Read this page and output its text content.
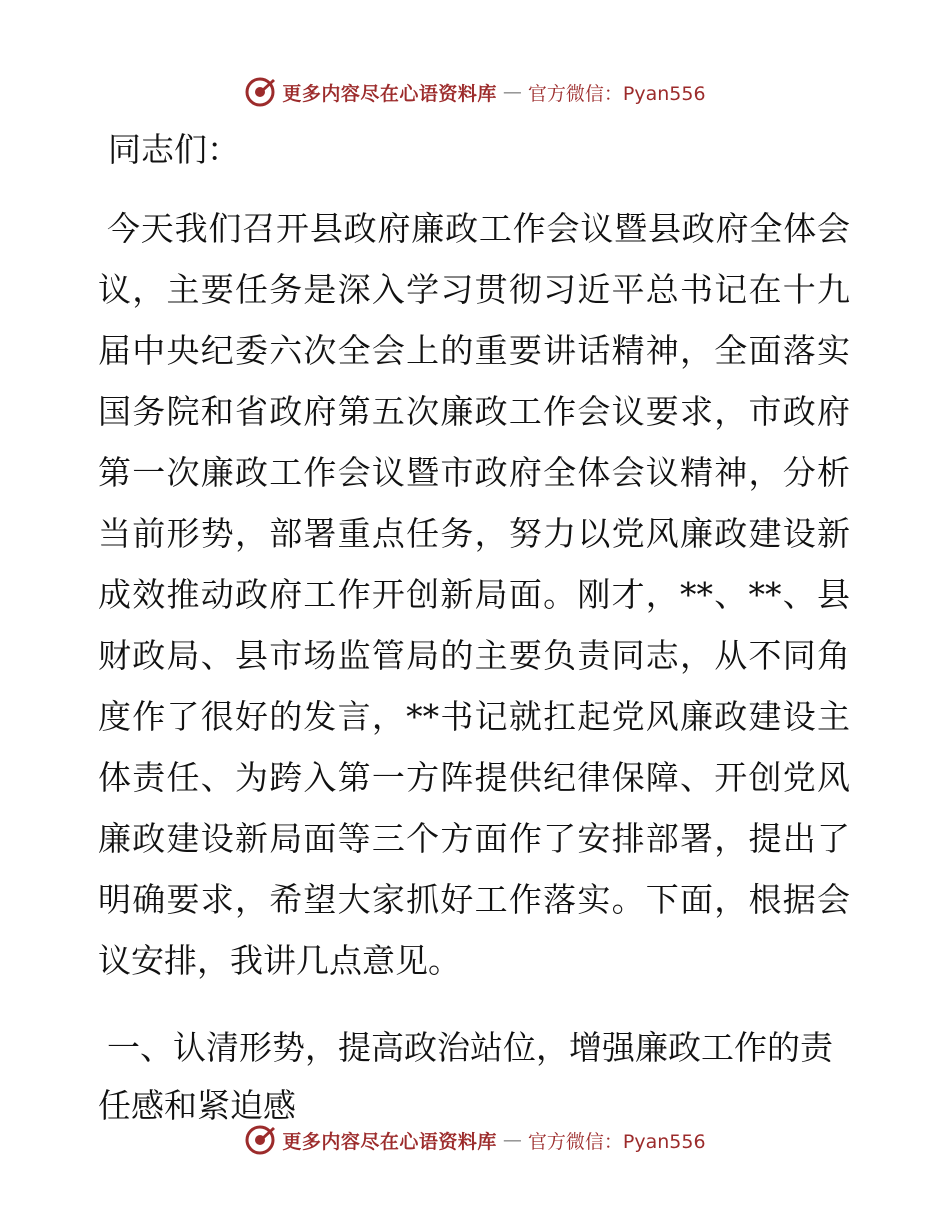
更多内容尽在心语资料库 — 官方微信：Pyan556

同志们：

今天我们召开县政府廉政工作会议暨县政府全体会议，主要任务是深入学习贯彻习近平总书记在十九届中央纪委六次全会上的重要讲话精神，全面落实国务院和省政府第五次廉政工作会议要求，市政府第一次廉政工作会议暨市政府全体会议精神，分析当前形势，部署重点任务，努力以党风廉政建设新成效推动政府工作开创新局面。刚才，**、**、县财政局、县市场监管局的主要负责同志，从不同角度作了很好的发言，**书记就扛起党风廉政建设主体责任、为跨入第一方阵提供纪律保障、开创党风廉政建设新局面等三个方面作了安排部署，提出了明确要求，希望大家抓好工作落实。下面，根据会议安排，我讲几点意见。

一、认清形势，提高政治站位，增强廉政工作的责任感和紧迫感

更多内容尽在心语资料库 — 官方微信：Pyan556
